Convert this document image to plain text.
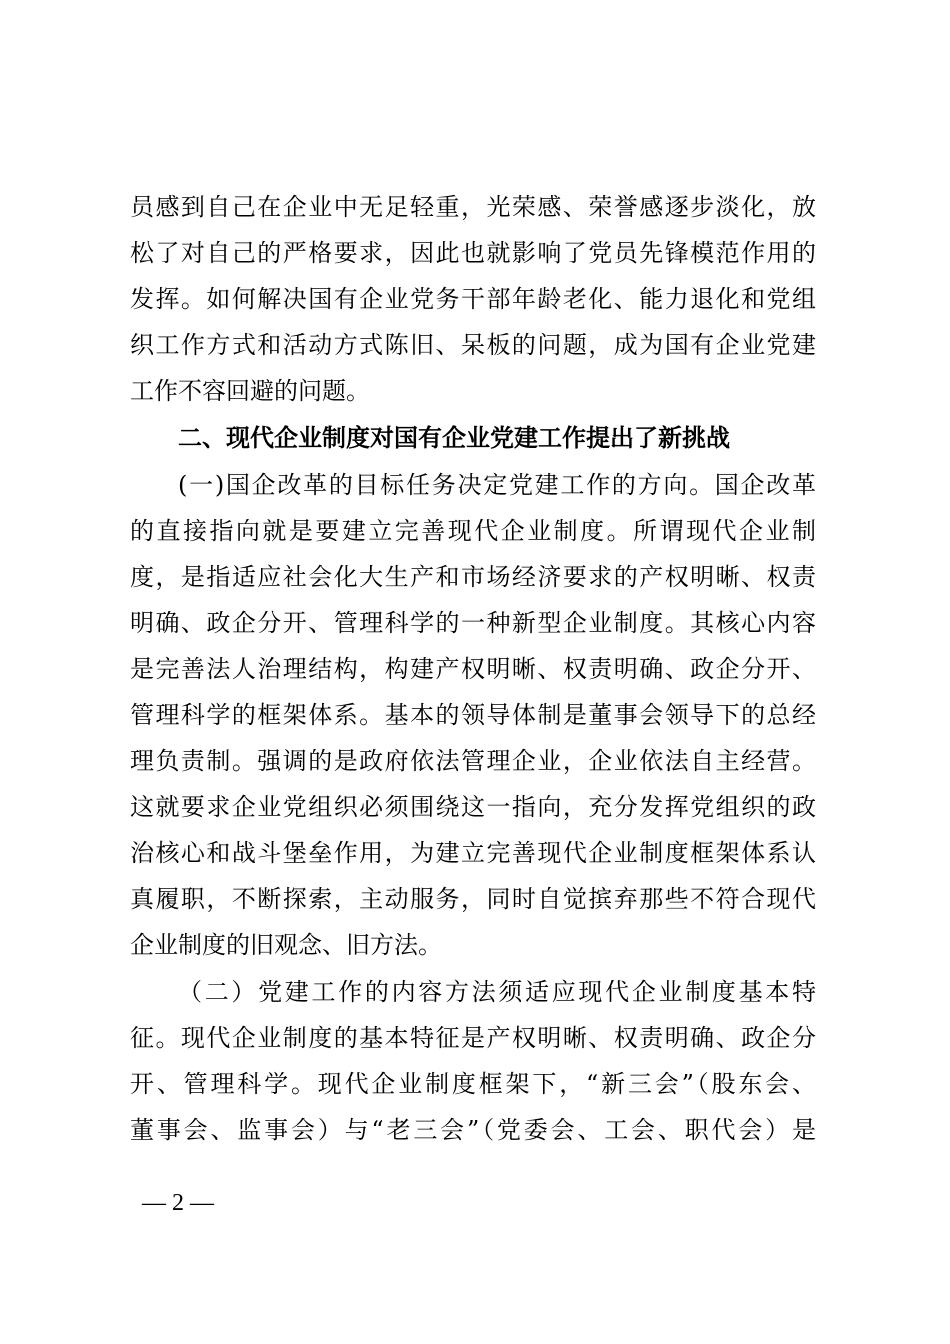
员感到自己在企业中无足轻重，光荣感、荣誉感逐步淡化，放
松了对自己的严格要求，因此也就影响了党员先锋模范作用的
发挥。如何解决国有企业党务干部年龄老化、能力退化和党组
织工作方式和活动方式陈旧、呆板的问题，成为国有企业党建
工作不容回避的问题。
二、现代企业制度对国有企业党建工作提出了新挑战
(一)国企改革的目标任务决定党建工作的方向。国企改革
的直接指向就是要建立完善现代企业制度。所谓现代企业制
度，是指适应社会化大生产和市场经济要求的产权明晰、权责
明确、政企分开、管理科学的一种新型企业制度。其核心内容
是完善法人治理结构，构建产权明晰、权责明确、政企分开、
管理科学的框架体系。基本的领导体制是董事会领导下的总经
理负责制。强调的是政府依法管理企业，企业依法自主经营。
这就要求企业党组织必须围绕这一指向，充分发挥党组织的政
治核心和战斗堡垒作用，为建立完善现代企业制度框架体系认
真履职，不断探索，主动服务，同时自觉摈弃那些不符合现代
企业制度的旧观念、旧方法。
（二）党建工作的内容方法须适应现代企业制度基本特
征。现代企业制度的基本特征是产权明晰、权责明确、政企分
开、管理科学。现代企业制度框架下，“新三会”（股东会、
董事会、监事会）与“老三会”（党委会、工会、职代会）是
— 2 —
